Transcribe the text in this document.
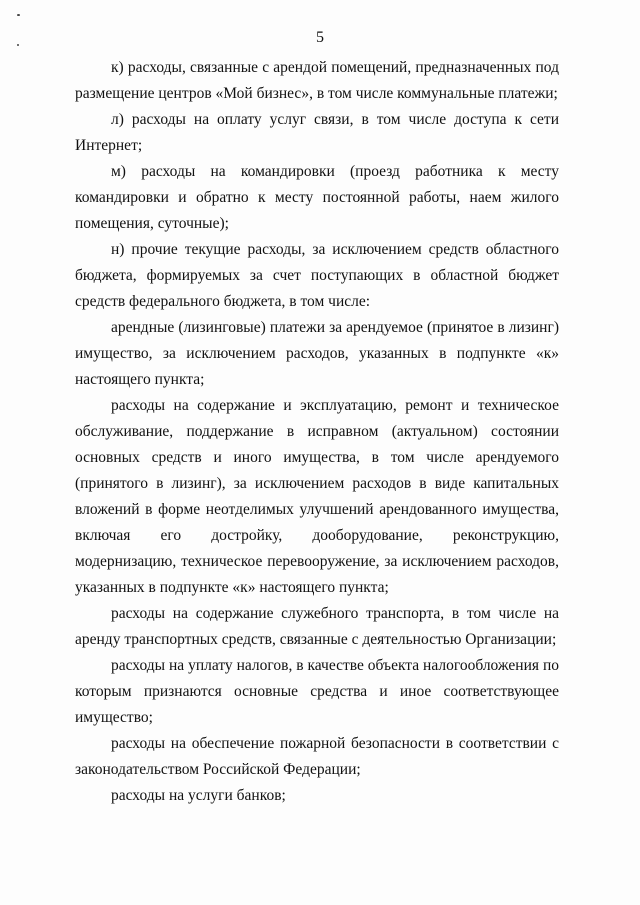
5

к) расходы, связанные с арендой помещений, предназначенных под размещение центров «Мой бизнес», в том числе коммунальные платежи;

л) расходы на оплату услуг связи, в том числе доступа к сети Интернет;

м) расходы на командировки (проезд работника к месту командировки и обратно к месту постоянной работы, наем жилого помещения, суточные);

н) прочие текущие расходы, за исключением средств областного бюджета, формируемых за счет поступающих в областной бюджет средств федерального бюджета, в том числе:

арендные (лизинговые) платежи за арендуемое (принятое в лизинг) имущество, за исключением расходов, указанных в подпункте «к» настоящего пункта;

расходы на содержание и эксплуатацию, ремонт и техническое обслуживание, поддержание в исправном (актуальном) состоянии основных средств и иного имущества, в том числе арендуемого (принятого в лизинг), за исключением расходов в виде капитальных вложений в форме неотделимых улучшений арендованного имущества, включая его достройку, дооборудование, реконструкцию, модернизацию, техническое перевооружение, за исключением расходов, указанных в подпункте «к» настоящего пункта;

расходы на содержание служебного транспорта, в том числе на аренду транспортных средств, связанные с деятельностью Организации;

расходы на уплату налогов, в качестве объекта налогообложения по которым признаются основные средства и иное соответствующее имущество;

расходы на обеспечение пожарной безопасности в соответствии с законодательством Российской Федерации;

расходы на услуги банков;
